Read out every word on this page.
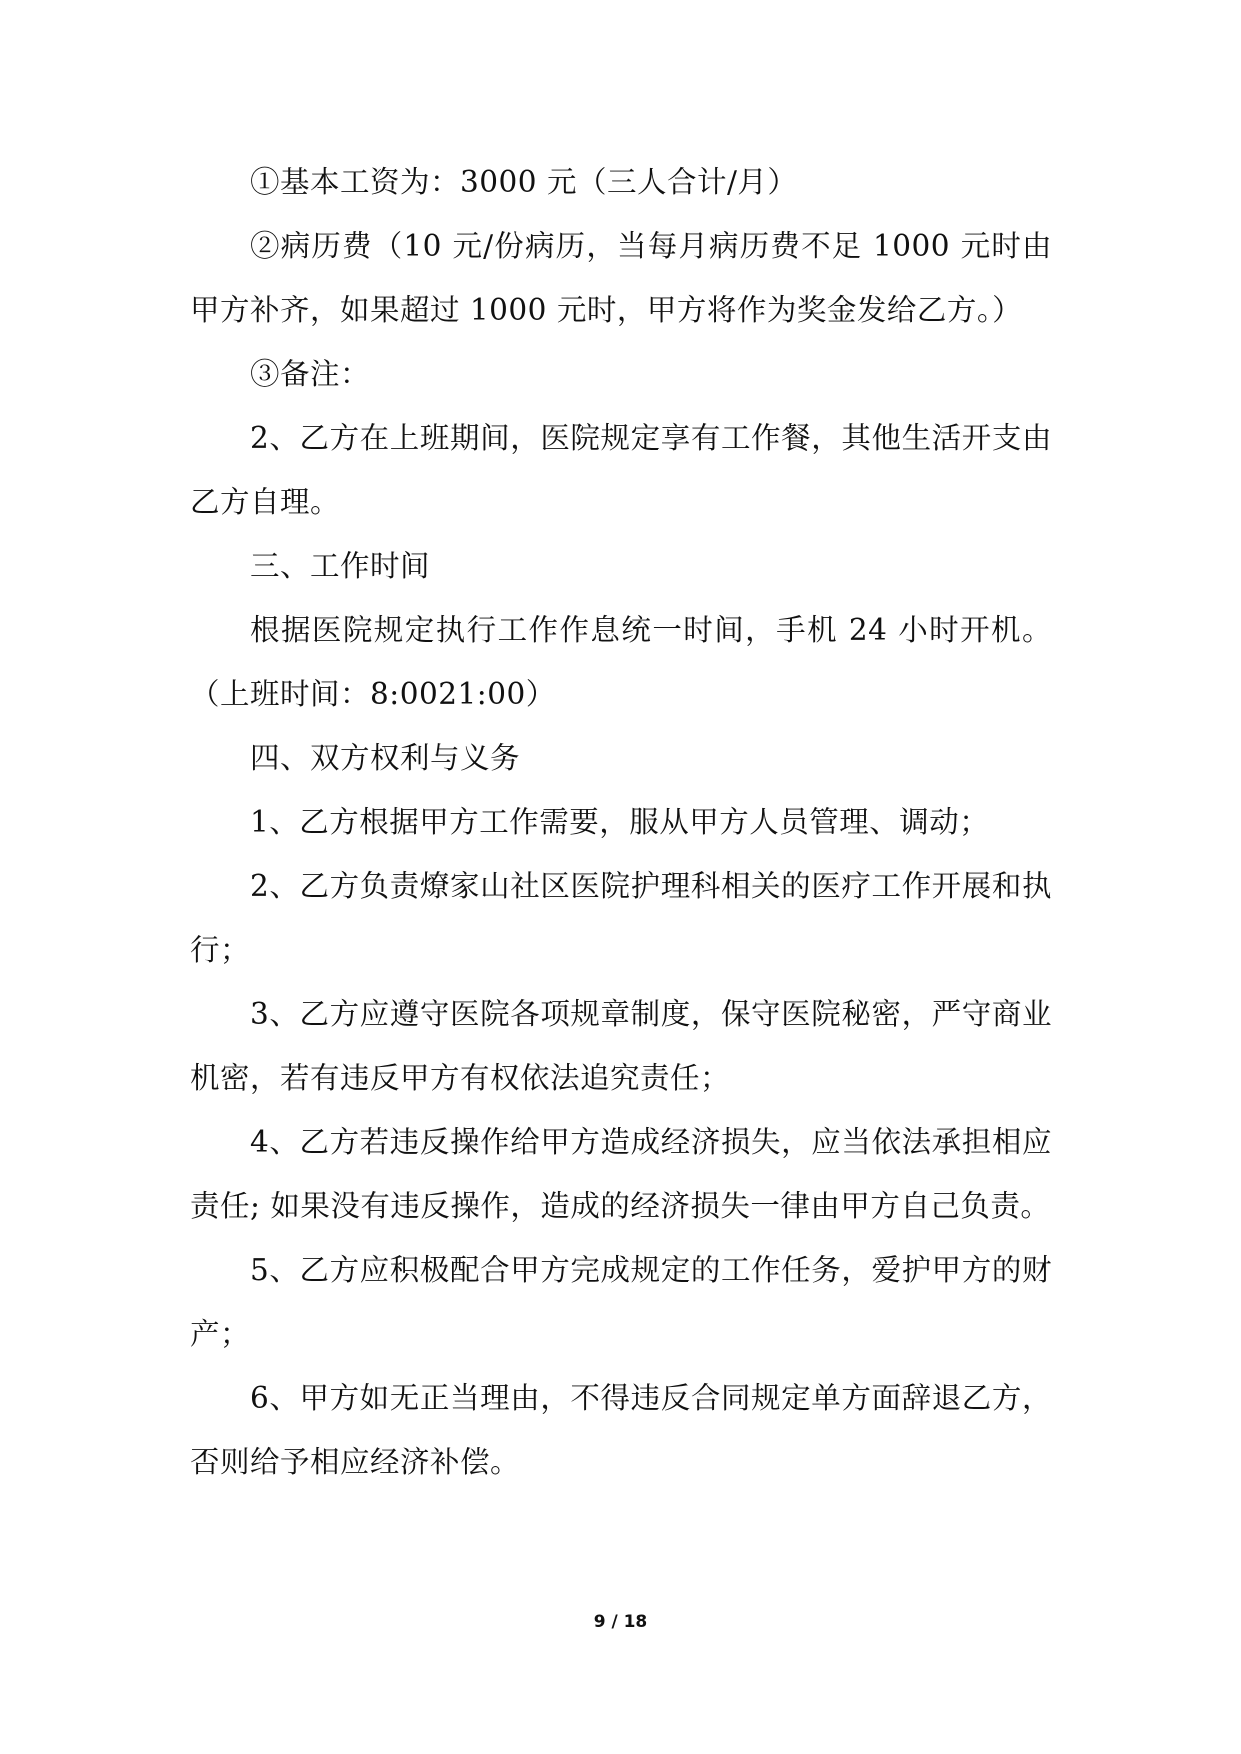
①基本工资为：3000 元（三人合计/月）

②病历费（10 元/份病历，当每月病历费不足 1000 元时由甲方补齐，如果超过 1000 元时，甲方将作为奖金发给乙方。）

③备注：

2、乙方在上班期间，医院规定享有工作餐，其他生活开支由乙方自理。

三、工作时间

根据医院规定执行工作作息统一时间，手机 24 小时开机。（上班时间：8:0021:00）

四、双方权利与义务

1、乙方根据甲方工作需要，服从甲方人员管理、调动；

2、乙方负责燎家山社区医院护理科相关的医疗工作开展和执行；

3、乙方应遵守医院各项规章制度，保守医院秘密，严守商业机密，若有违反甲方有权依法追究责任；

4、乙方若违反操作给甲方造成经济损失，应当依法承担相应责任; 如果没有违反操作，造成的经济损失一律由甲方自己负责。

5、乙方应积极配合甲方完成规定的工作任务，爱护甲方的财产；

6、甲方如无正当理由，不得违反合同规定单方面辞退乙方，否则给予相应经济补偿。

9 / 18
